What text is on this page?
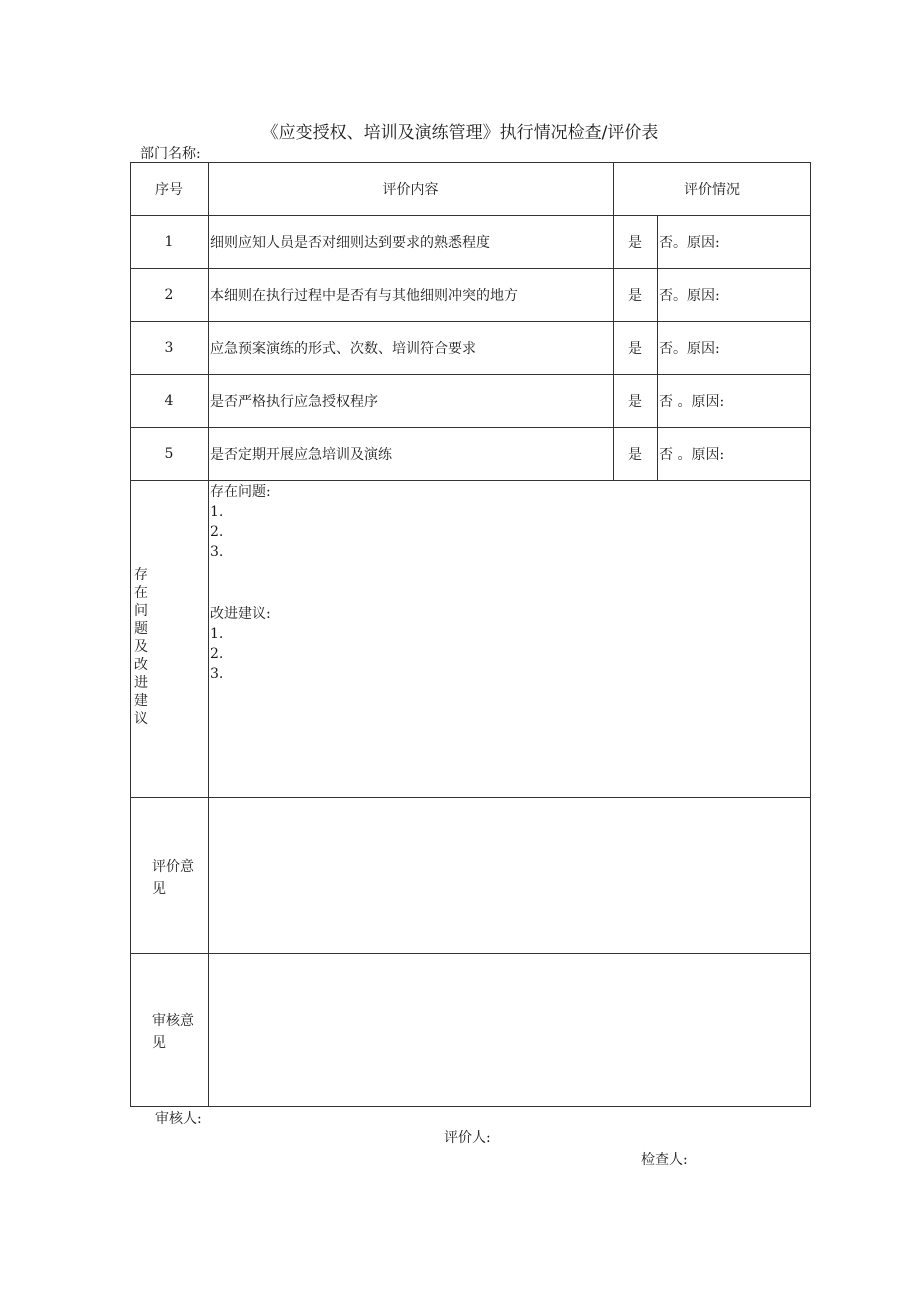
《应变授权、培训及演练管理》执行情况检查/评价表
部门名称:
序号	评价内容	评价情况
1	细则应知人员是否对细则达到要求的熟悉程度	是	否。原因:
2	本细则在执行过程中是否有与其他细则冲突的地方	是	否。原因:
3	应急预案演练的形式、次数、培训符合要求	是	否。原因:
4	是否严格执行应急授权程序	是	否 。原因:
5	是否定期开展应急培训及演练	是	否 。原因:
存在问题及改进建议
存在问题:
1.
2.
3.
改进建议:
1.
2.
3.
评价意见
审核意见
审核人:
评价人:
检查人:
